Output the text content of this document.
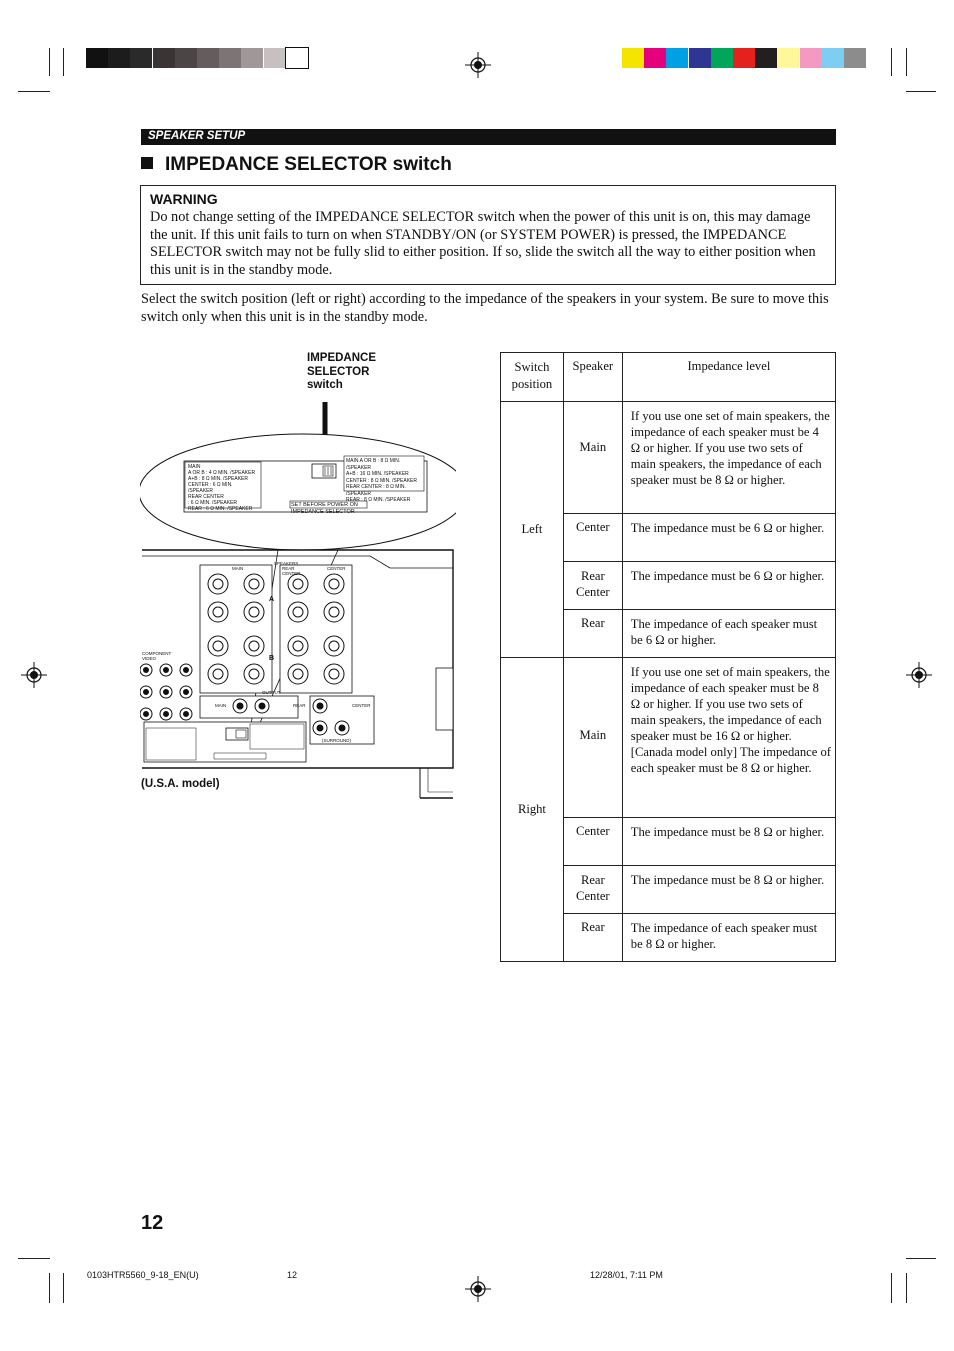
SPEAKER SETUP
IMPEDANCE SELECTOR switch
WARNING
Do not change setting of the IMPEDANCE SELECTOR switch when the power of this unit is on, this may damage the unit. If this unit fails to turn on when STANDBY/ON (or SYSTEM POWER) is pressed, the IMPEDANCE SELECTOR switch may not be fully slid to either position. If so, slide the switch all the way to either position when this unit is in the standby mode.
Select the switch position (left or right) according to the impedance of the speakers in your system. Be sure to move this switch only when this unit is in the standby mode.
IMPEDANCE
SELECTOR
switch
(U.S.A. model)
MAIN
A OR B : 4 Ω MIN. /SPEAKER
A+B : 8 Ω MIN. /SPEAKER
CENTER : 6 Ω MIN. /SPEAKER
REAR CENTER
: 6 Ω MIN. /SPEAKER
REAR : 6 Ω MIN. /SPEAKER
MAIN A OR B : 8 Ω MIN. /SPEAKER
A+B : 16 Ω MIN. /SPEAKER
CENTER : 8 Ω MIN. /SPEAKER
REAR CENTER : 8 Ω MIN. /SPEAKER
REAR : 8 Ω MIN. /SPEAKER
SET BEFORE POWER ON
IMPEDANCE SELECTOR
SPEAKERS
MAIN	REAR CENTER
CENTER
A
B
COMPONENT VIDEO
OUTPUT
MAIN	REAR	CENTER
(SURROUND)
Switch position	Speaker	Impedance level
Left	Main	If you use one set of main speakers, the impedance of each speaker must be 4 Ω or higher. If you use two sets of main speakers, the impedance of each speaker must be 8 Ω or higher.
	Center	The impedance must be 6 Ω or higher.
	Rear Center	The impedance must be 6 Ω or higher.
	Rear	The impedance of each speaker must be 6 Ω or higher.
Right	Main	If you use one set of main speakers, the impedance of each speaker must be 8 Ω or higher. If you use two sets of main speakers, the impedance of each speaker must be 16 Ω or higher. [Canada model only] The impedance of each speaker must be 8 Ω or higher.
	Center	The impedance must be 8 Ω or higher.
	Rear Center	The impedance must be 8 Ω or higher.
	Rear	The impedance of each speaker must be 8 Ω or higher.
12
0103HTR5560_9-18_EN(U)	12	12/28/01, 7:11 PM
